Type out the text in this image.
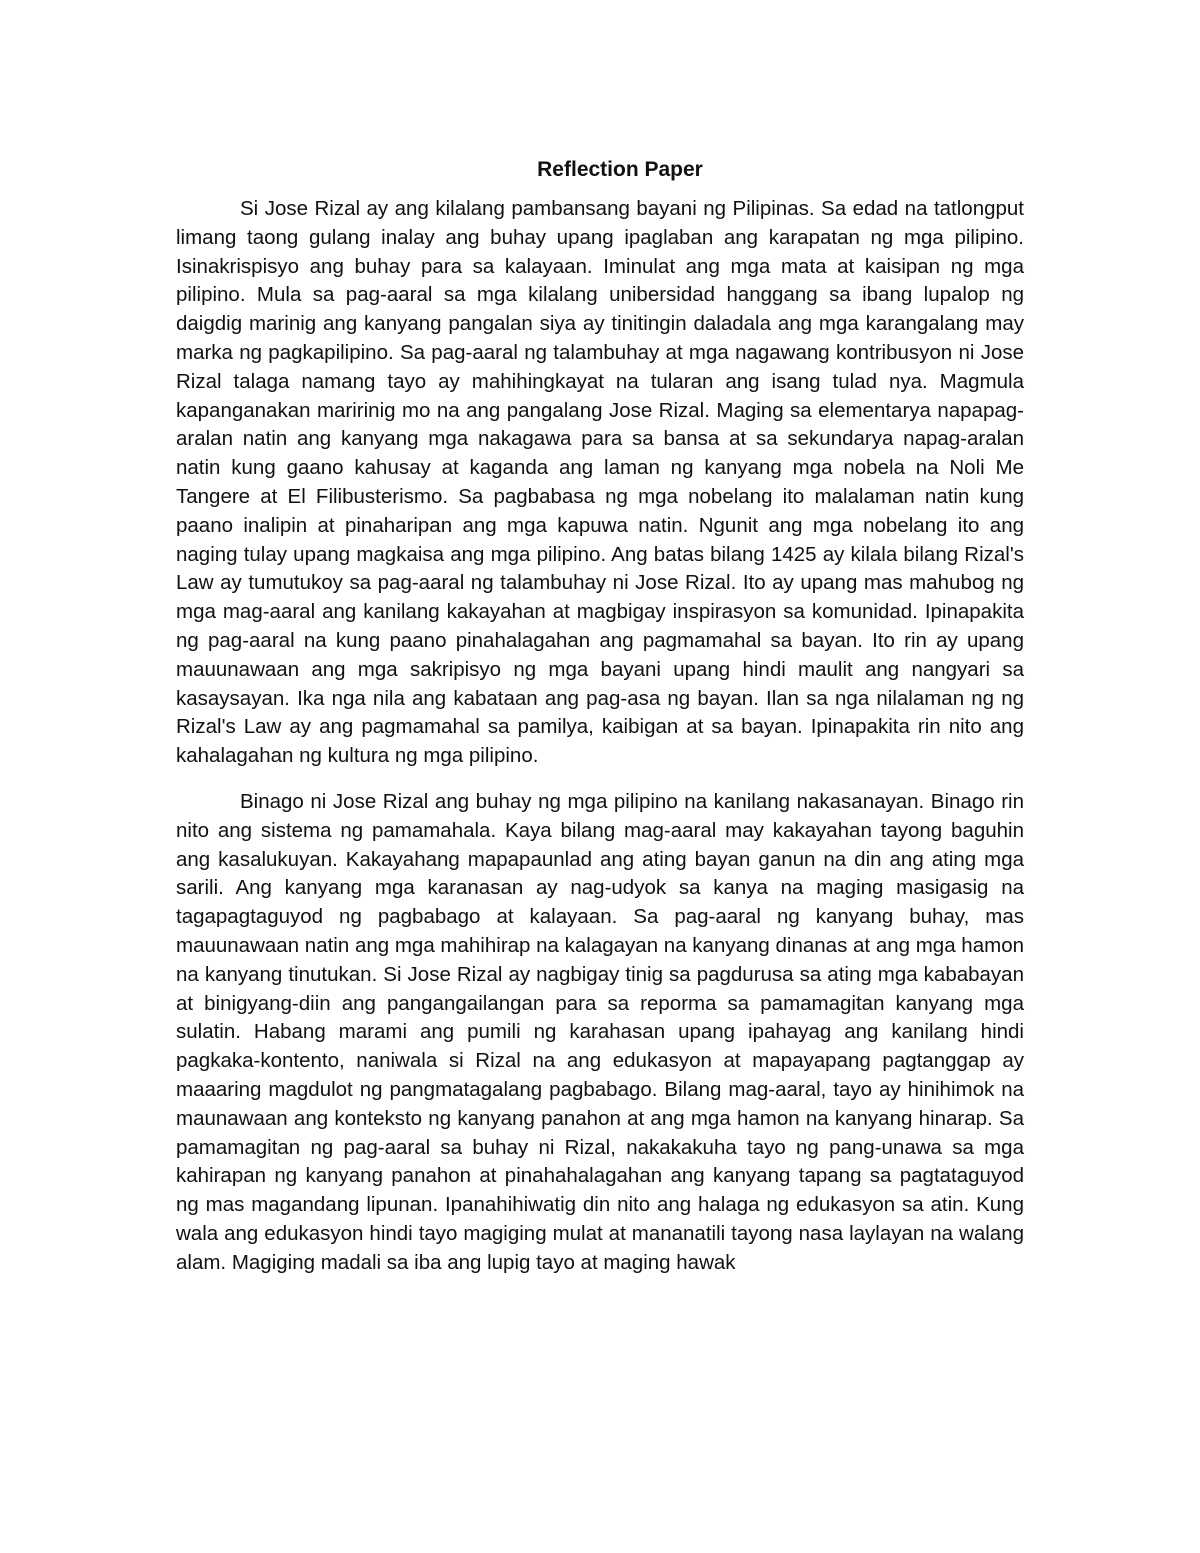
Reflection Paper

Si Jose Rizal ay ang kilalang pambansang bayani ng Pilipinas. Sa edad na tatlongput limang taong gulang inalay ang buhay upang ipaglaban ang karapatan ng mga pilipino. Isinakrispisyo ang buhay para sa kalayaan. Iminulat ang mga mata at kaisipan ng mga pilipino. Mula sa pag-aaral sa mga kilalang unibersidad hanggang sa ibang lupalop ng daigdig marinig ang kanyang pangalan siya ay tinitingin daladala ang mga karangalang may marka ng pagkapilipino. Sa pag-aaral ng talambuhay at mga nagawang kontribusyon ni Jose Rizal talaga namang tayo ay mahihingkayat na tularan ang isang tulad nya. Magmula kapanganakan maririnig mo na ang pangalang Jose Rizal. Maging sa elementarya napapag-aralan natin ang kanyang mga nakagawa para sa bansa at sa sekundarya napag-aralan natin kung gaano kahusay at kaganda ang laman ng kanyang mga nobela na Noli Me Tangere at El Filibusterismo. Sa pagbabasa ng mga nobelang ito malalaman natin kung paano inalipin at pinaharipan ang mga kapuwa natin. Ngunit ang mga nobelang ito ang naging tulay upang magkaisa ang mga pilipino. Ang batas bilang 1425 ay kilala bilang Rizal's Law ay tumutukoy sa pag-aaral ng talambuhay ni Jose Rizal. Ito ay upang mas mahubog ng mga mag-aaral ang kanilang kakayahan at magbigay inspirasyon sa komunidad. Ipinapakita ng pag-aaral na kung paano pinahalagahan ang pagmamahal sa bayan. Ito rin ay upang mauunawaan ang mga sakripisyo ng mga bayani upang hindi maulit ang nangyari sa kasaysayan. Ika nga nila ang kabataan ang pag-asa ng bayan. Ilan sa nga nilalaman ng ng Rizal's Law ay ang pagmamahal sa pamilya, kaibigan at sa bayan. Ipinapakita rin nito ang kahalagahan ng kultura ng mga pilipino.

Binago ni Jose Rizal ang buhay ng mga pilipino na kanilang nakasanayan. Binago rin nito ang sistema ng pamamahala. Kaya bilang mag-aaral may kakayahan tayong baguhin ang kasalukuyan. Kakayahang mapapaunlad ang ating bayan ganun na din ang ating mga sarili. Ang kanyang mga karanasan ay nag-udyok sa kanya na maging masigasig na tagapagtaguyod ng pagbabago at kalayaan. Sa pag-aaral ng kanyang buhay, mas mauunawaan natin ang mga mahihirap na kalagayan na kanyang dinanas at ang mga hamon na kanyang tinutukan. Si Jose Rizal ay nagbigay tinig sa pagdurusa sa ating mga kababayan at binigyang-diin ang pangangailangan para sa reporma sa pamamagitan kanyang mga sulatin. Habang marami ang pumili ng karahasan upang ipahayag ang kanilang hindi pagkaka-kontento, naniwala si Rizal na ang edukasyon at mapayapang pagtanggap ay maaaring magdulot ng pangmatagalang pagbabago. Bilang mag-aaral, tayo ay hinihimok na maunawaan ang konteksto ng kanyang panahon at ang mga hamon na kanyang hinarap. Sa pamamagitan ng pag-aaral sa buhay ni Rizal, nakakakuha tayo ng pang-unawa sa mga kahirapan ng kanyang panahon at pinahahalagahan ang kanyang tapang sa pagtataguyod ng mas magandang lipunan. Ipanahihiwatig din nito ang halaga ng edukasyon sa atin. Kung wala ang edukasyon hindi tayo magiging mulat at mananatili tayong nasa laylayan na walang alam. Magiging madali sa iba ang lupig tayo at maging hawak
